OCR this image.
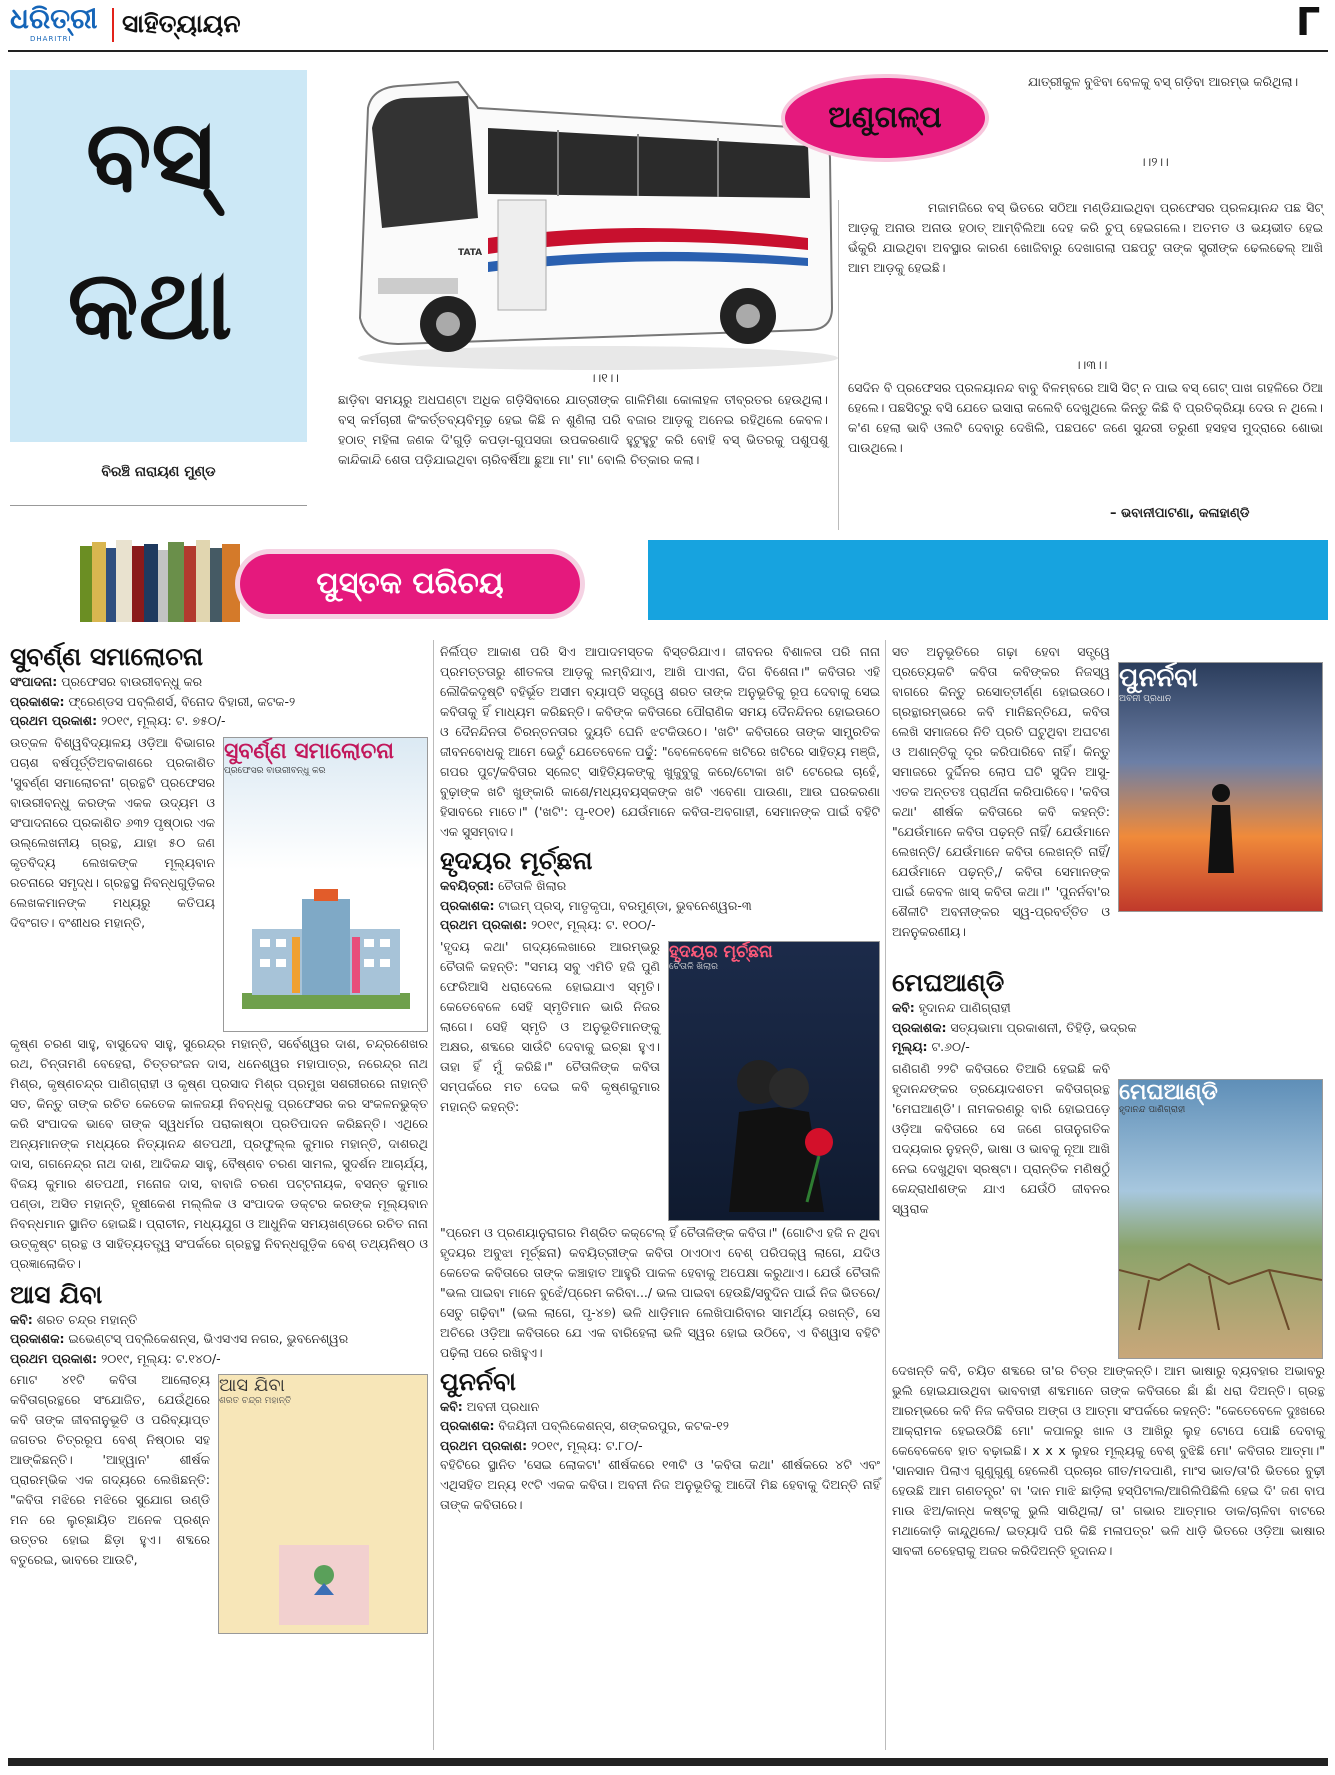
ଧରିତ୍ରୀ
DHARITRI
ସାହିତ୍ୟାୟନ	Г
ବସ୍
କଥା
ବିରଞ୍ଚି ନାରାୟଣ ମୁଣ୍ଡ
TATA
ଅଣୁଗଳ୍ପ

ଯାତ୍ରୀକୁଳ ବୁଝିବା ବେଳକୁ ବସ୍ ଗଡ଼ିବା ଆରମ୍ଭ କରିଥିଲା।

।।୨।।

ମଜାମଜିରେ ବସ୍ ଭିତରେ ସଠିଆ ମଣ୍ଡିଯାଇଥିବା ପ୍ରଫେସର ପ୍ରଳୟାନନ୍ଦ ପଛ ସିଟ୍ ଆଡ଼କୁ ଅନାଉ ଅନାଉ ହଠାତ୍ ଆମ୍ବିଲିଆ ଦେହ କରି ଚୁପ୍ ହେଇଗଲେ। ଅତମତ ଓ ଭୟଭୀତ ହେଇ ଭଁକୁରି ଯାଇଥିବା ଅବସ୍ଥାର କାରଣ ଖୋଜିବାରୁ ଦେଖାଗଲା ପଛପଟୁ ତାଙ୍କ ସ୍ତ୍ରୀଙ୍କ ଢେଲଢେଲ୍ ଆଖି ଆମ ଆଡ଼କୁ ହେଇଛି।

।।୧।।

ଛାଡ଼ିବା ସମୟରୁ ଅଧଘଣ୍ଟା ଅଧିକ ଗଡ଼ିସିବାରେ ଯାତ୍ରୀଙ୍କ ଗାଳିମିଶା କୋଳାହଳ ତୀବ୍ରତର ହେଉଥିଲା। ବସ୍ କର୍ମଚାରୀ କିଂକର୍ତ୍ତବ୍ୟବିମୂଢ଼ ହେଇ କିଛି ନ ଶୁଣିଲା ପରି ବଜାର ଆଡ଼କୁ ଅନେଇ ରହିଥିଲେ କେବଳ। ହଠାତ୍ ମହିଳା ଜଣକ ଦି'ଗୁଡ଼ି କପଡ଼ା-ଗୁପସଜା ଉପକରଣାଦି ହୁଟୁହୁଟୁ କରି ବୋହି ବସ୍ ଭିତରକୁ ପଶୁପଶୁ କାନ୍ଦିକାନ୍ଦି ଶେତା ପଡ଼ିଯାଇଥିବା ଚାରିବର୍ଷିଆ ଛୁଆ ମା' ମା' ବୋଲି ଚିତ୍କାର କଲା।

।।୩।।

ସେଦିନ ବି ପ୍ରଫେସର ପ୍ରଳୟାନନ୍ଦ ବାବୁ ବିଳମ୍ବରେ ଆସି ସିଟ୍ ନ ପାଇ ବସ୍ ଗେଟ୍ ପାଖ ଗହଳିରେ ଠିଆ ହେଲେ। ପଛସିଟ୍‌ରୁ ବସି ଯେତେ ଇସାରା କଲେବି ଦେଖୁଥିଲେ କିନ୍ତୁ କିଛି ବି ପ୍ରତିକ୍ରିୟା ଦେଉ ନ ଥିଲେ। କ'ଣ ହେଲା ଭାବି ଓଲଟି ଦେବାରୁ ଦେଖିଲି, ପଛପଟେ ଜଣେ ସୁନ୍ଦରୀ ତରୁଣୀ ହସହସ ମୁଦ୍ରାରେ ଶୋଭା ପାଉଥିଲେ।

– ଭବାନୀପାଟଣା, କଳାହାଣ୍ଡି
ପୁସ୍ତକ ପରିଚୟ
ସୁବର୍ଣ୍ଣ ସମାଲୋଚନା
ସଂପାଦନା: ପ୍ରଫେସର ବାଉରୀବନ୍ଧୁ କର
ପ୍ରକାଶକ: ଫ୍ରେଣ୍ଡସ ପବ୍ଲିଶର୍ସ, ବିନୋଦ ବିହାରୀ, କଟକ-୨
ପ୍ରଥମ ପ୍ରକାଶ: ୨୦୧୯, ମୂଲ୍ୟ: ଟ. ୭୫୦/-

ଉତ୍କଳ ବିଶ୍ୱବିଦ୍ୟାଳୟ ଓଡ଼ିଆ ବିଭାଗର ପଚାଶ ବର୍ଷପୂର୍ତ୍ତିଅବକାଶରେ ପ୍ରକାଶିତ 'ସୁବର୍ଣ୍ଣ ସମାଲୋଚନା' ଗ୍ରନ୍ଥଟି ପ୍ରଫେସର ବାଉରୀବନ୍ଧୁ କରଙ୍କ ଏକକ ଉଦ୍ୟମ ଓ ସଂପାଦନାରେ ପ୍ରକାଶିତ ୬୩୨ ପୃଷ୍ଠାର ଏକ ଉଲ୍ଲେଖନୀୟ ଗ୍ରନ୍ଥ, ଯାହା ୫୦ ଜଣ କୃତବିଦ୍ୟ ଲେଖକଙ୍କ ମୂଲ୍ୟବାନ ରଚନାରେ ସମୃଦ୍ଧ। ଗ୍ରନ୍ଥସ୍ଥ ନିବନ୍ଧଗୁଡ଼ିକର ଲେଖକମାନଙ୍କ ମଧ୍ୟରୁ କତିପୟ ଦିବଂଗତ। ବଂଶୀଧର ମହାନ୍ତି,

ସୁବର୍ଣ୍ଣ ସମାଲୋଚନା
ପ୍ରଫେସର ବାଉରୀବନ୍ଧୁ କର

କୃଷ୍ଣ ଚରଣ ସାହୁ, ବାସୁଦେବ ସାହୁ, ସୁରେନ୍ଦ୍ର ମହାନ୍ତି, ସର୍ବେଶ୍ୱର ଦାଶ, ଚନ୍ଦ୍ରଶେଖର ରଥ, ଚିନ୍ତାମଣି ବେହେରା, ଚିତ୍ତରଂଜନ ଦାସ, ଧନେଶ୍ୱର ମହାପାତ୍ର, ନରେନ୍ଦ୍ର ନାଥ ମିଶ୍ର, କୃଷ୍ଣଚନ୍ଦ୍ର ପାଣିଗ୍ରାହୀ ଓ କୃଷ୍ଣ ପ୍ରସାଦ ମିଶ୍ର ପ୍ରମୁଖ ସଶରୀରରେ ନାହାନ୍ତି ସତ, କିନ୍ତୁ ତାଙ୍କ ରଚିତ କେତେକ କାଳଜୟୀ ନିବନ୍ଧକୁ ପ୍ରଫେସର କର ସଂକଳନଭୁକ୍ତ କରି ସଂପାଦକ ଭାବେ ତାଙ୍କ ସ୍ୱଧର୍ମର ପରାକାଷ୍ଠା ପ୍ରତିପାଦନ କରିଛନ୍ତି। ଏଥିରେ ଅନ୍ୟମାନଙ୍କ ମଧ୍ୟରେ ନିତ୍ୟାନନ୍ଦ ଶତପଥୀ, ପ୍ରଫୁଲ୍ଲ କୁମାର ମହାନ୍ତି, ଦାଶରଥି ଦାସ, ଗଗନେନ୍ଦ୍ର ନାଥ ଦାଶ, ଆଦିକନ୍ଦ ସାହୁ, ବୈଷ୍ଣବ ଚରଣ ସାମଲ, ସୁଦର୍ଶନ ଆଚାର୍ଯ୍ୟ, ବିଜୟ କୁମାର ଶତପଥୀ, ମନୋଜ ଦାସ, ବାବାଜି ଚରଣ ପଟ୍ଟନାୟକ, ବସନ୍ତ କୁମାର ପଣ୍ଡା, ଅସିତ ମହାନ୍ତି, ହୃଷୀକେଶ ମଲ୍ଲିକ ଓ ସଂପାଦକ ଡକ୍ଟର କରଙ୍କ ମୂଲ୍ୟବାନ ନିବନ୍ଧମାନ ସ୍ଥାନିତ ହୋଇଛି। ପ୍ରାଚୀନ, ମଧ୍ୟଯୁଗ ଓ ଆଧୁନିକ ସମୟଖଣ୍ଡରେ ରଚିତ ନାନା ଉତ୍କୃଷ୍ଟ ଗ୍ରନ୍ଥ ଓ ସାହିତ୍ୟତତ୍ତ୍ୱ ସଂପର୍କରେ ଗ୍ରନ୍ଥସ୍ଥ ନିବନ୍ଧଗୁଡ଼ିକ ବେଶ୍ ତଥ୍ୟନିଷ୍ଠ ଓ ପ୍ରଜ୍ଞାଲୋକିତ।

ଆସ ଯିବା
କବି: ଶରତ ଚନ୍ଦ୍ର ମହାନ୍ତି
ପ୍ରକାଶକ: ଇଭେଣ୍ଟସ୍ ପବ୍ଲିକେଶନ୍ସ, ଭିଏସଏସ ନଗର, ଭୁବନେଶ୍ୱର
ପ୍ରଥମ ପ୍ରକାଶ: ୨୦୧୯, ମୂଲ୍ୟ: ଟ.୧୪୦/-

ମୋଟ ୪୧ଟି କବିତା ଆଲୋଚ୍ୟ କବିତାଗ୍ରନ୍ଥରେ ସଂଯୋଜିତ, ଯେଉଁଥିରେ କବି ତାଙ୍କ ଜୀବନାନୁଭୂତି ଓ ପରିବ୍ୟାପ୍ତ ଜଗତର ଚିତ୍ରରୂପ ବେଶ୍ ନିଷ୍ଠାର ସହ ଆଙ୍କିଛନ୍ତି। 'ଆହ୍ୱାନ' ଶୀର୍ଷକ ପ୍ରାରମ୍ଭିକ ଏକ ଗଦ୍ୟରେ ଲେଖିଛନ୍ତି: "କବିତା ମଝିରେ ମଝିରେ ସୁଯୋଗ ଉଣ୍ଡି ମନ ରେ ଲୁଚ୍ଛାୟିତ ଅନେକ ପ୍ରଶ୍ନ ଉତ୍ତର ହୋଇ ଛିଡ଼ା ହୁଏ। ଶବ୍ଦରେ ବତୁରେଇ, ଭାବରେ ଆଉଟି,

ଆସ ଯିବା
ଶରତ ଚନ୍ଦ୍ର ମହାନ୍ତି

ନିର୍ଲିପ୍ତ ଆକାଶ ପରି ସିଏ ଆପାଦମସ୍ତକ ବିସ୍ତରିଯାଏ। ଜୀବନର ବିଶାଳତା ପରି ନାନା ପ୍ରମତ୍ତତାରୁ ଶୀତଳତା ଆଡ଼କୁ ଲମ୍ବିଯାଏ, ଆଖି ପାଏନା, ଦିଗ ବିଶେନା।" କବିତାର ଏହି ଲୌକିକଦୃଷ୍ଟି ବହିର୍ଭୂତ ଅସୀମ ବ୍ୟାପ୍ତି ସତ୍ତ୍ୱେ ଶରତ ତାଙ୍କ ଅନୁଭୂତିକୁ ରୂପ ଦେବାକୁ ସେଇ କବିତାକୁ ହିଁ ମାଧ୍ୟମ କରିଛନ୍ତି। କବିଙ୍କ କବିତାରେ ପୌରାଣିକ ସମୟ ଦୈନନ୍ଦିନର ହୋଇଉଠେ ଓ ଦୈନନ୍ଦିନତା ଚିରନ୍ତନତାର ଦ୍ୟୁତି ଘେନି ଝଟକିଉଠେ। 'ଖଟି' କବିତାରେ ତାଙ୍କ ସାମ୍ପ୍ରତିକ ଜୀବନବୋଧକୁ ଆମେ ଭେଟୁଁ ଯେତେବେଳେ ପଢ଼ୁଁ: "ବେଳେବେଳେ ଖଟିରେ ଖଟିରେ ସାହିତ୍ୟ ମଞ୍ଜି, ଗପର ପୁଟ୍/କବିତାର ସ୍ଲେଟ୍ ସାହିତ୍ୟିକଙ୍କୁ ଖୁଜୁବୁଜୁ କରେ/ଟୋକା ଖଟି ଟେରେଇ ଚାହେଁ, ବୁଢ଼ାଙ୍କ ଖଟି ଖୁଙ୍କାରି କାଶେ/ମଧ୍ୟବୟସ୍କଙ୍କ ଖଟି ଏବେଣା ପାଉଣା, ଆଉ ଘରକରଣା ହିସାବରେ ମାତେ।" ('ଖଟି': ପୃ-୧୦୧) ଯେଉଁମାନେ କବିତା-ଅବଗାହୀ, ସେମାନଙ୍କ ପାଇଁ ବହିଟି ଏକ ସୁସମ୍ବାଦ।

ହୃଦୟର ମୂର୍ଚ୍ଛନା
କବୟିତ୍ରୀ: ଚୈତାଳି ଖିଲାର
ପ୍ରକାଶକ: ଟାଇମ୍ ପ୍ରସ୍, ମାତୃକୃପା, ବରମୁଣ୍ଡା, ଭୁବନେଶ୍ୱର-୩
ପ୍ରଥମ ପ୍ରକାଶ: ୨୦୧୯, ମୂଲ୍ୟ: ଟ. ୧୦୦/-

'ହୃଦୟ କଥା' ଗଦ୍ୟଲେଖାରେ ଆରମ୍ଭରୁ ଚୈତାଳି କହନ୍ତି: "ସମୟ ସବୁ ଏମିତି ହଜି ପୁଣି ଫେରିଆସି ଧରାଦେଲେ ହୋଇଯାଏ ସ୍ମୃତି। କେତେବେଳେ ସେହି ସ୍ମୃତିମାନ ଭାରି ନିଜର ଲାଗେ। ସେହି ସ୍ମୃତି ଓ ଅନୁଭୂତିମାନଙ୍କୁ ଅକ୍ଷର, ଶବ୍ଦରେ ସାଉଁଟି ଦେବାକୁ ଇଚ୍ଛା ହୁଏ। ତାହା ହିଁ ମୁଁ କରିଛି।" ଚୈତାଳିଙ୍କ କବିତା ସମ୍ପର୍କରେ ମତ ଦେଇ କବି କୃଷ୍ଣକୁମାର ମହାନ୍ତି କହନ୍ତି:

ହୃଦୟର ମୂର୍ଚ୍ଛନା
ଚୈତାଳି ଖିଲାର

"ପ୍ରେମ ଓ ପ୍ରଣୟାନୁରାଗର ମିଶ୍ରିତ କକ୍‌ଟେଲ୍ ହିଁ ଚୈତାଳିଙ୍କ କବିତା।" (ଗୋଟିଏ ହଜି ନ ଥିବା ହୃଦୟର ଅବୁଝା ମୂର୍ଚ୍ଛନା) କବୟିତ୍ରୀଙ୍କ କବିତା ଠାଏଠାଏ ବେଶ୍ ପରିପକ୍ୱ ଲାଗେ, ଯଦିଓ କେତେକ କବିତାରେ ତାଙ୍କ କଞ୍ଚାହାତ ଆହୁରି ପାକଳ ହେବାକୁ ଅପେକ୍ଷା କରୁଥାଏ। ଯେଉଁ ଚୈତାଳି "ଭଲ ପାଇବା ମାନେ ବୁଝେଁ/ପ୍ରେମ କରିବା.../ ଭଲ ପାଇବା ହେଉଛି/ସବୁଦିନ ପାଇଁ ନିଜ ଭିତରେ/ସେତୁ ଗଢ଼ିବା" (ଭଲ ଲାଗେ, ପୃ-୪୭) ଭଳି ଧାଡ଼ିମାନ ଲେଖିପାରିବାର ସାମର୍ଥ୍ୟ ରଖନ୍ତି, ସେ ଅଚିରେ ଓଡ଼ିଆ କବିତାରେ ଯେ ଏକ ବାରିହେଲା ଭଳି ସ୍ୱର ହୋଇ ଉଠିବେ, ଏ ବିଶ୍ୱାସ ବହିଟି ପଢ଼ିଲା ପରେ ରଖିହୁଏ।

ପୁନର୍ନବା
କବି: ଅବନୀ ପ୍ରଧାନ
ପ୍ରକାଶକ: ବିଜୟିନୀ ପବ୍ଲିକେଶନ୍ସ, ଶଙ୍କରପୁର, କଟକ-୧୨
ପ୍ରଥମ ପ୍ରକାଶ: ୨୦୧୯, ମୂଲ୍ୟ: ଟ.୮୦/-

ବହିଟିରେ ସ୍ଥାନିତ 'ସେଇ ଲୋକଟା' ଶୀର୍ଷକରେ ୧୩ଟି ଓ 'କବିତା କଥା' ଶୀର୍ଷକରେ ୪ଟି ଏବଂ ଏଥିସହିତ ଅନ୍ୟ ୧୯ଟି ଏକକ କବିତା। ଅବନୀ ନିଜ ଅନୁଭୂତିକୁ ଆଦୌ ମିଛ ହେବାକୁ ଦିଅନ୍ତି ନାହିଁ ତାଙ୍କ କବିତାରେ।

ସତ ଅନୁଭୂତିରେ ଗଢ଼ା ହେବା ସତ୍ତ୍ୱେ ପ୍ରତ୍ୟେକଟି କବିତା କବିଙ୍କର ନିଜସ୍ୱ ବାଗରେ କିନ୍ତୁ ରସୋତ୍ତୀର୍ଣ୍ଣ ହୋଇଉଠେ। ଗ୍ରନ୍ଥାରମ୍ଭରେ କବି ମାନିଛନ୍ତିଯେ, କବିତା ଲେଖି ସମାଜରେ ନିତି ପ୍ରତି ଘଟୁଥିବା ଅଘଟଣ ଓ ଅଶାନ୍ତିକୁ ଦୂର କରିପାରିବେ ନାହିଁ। କିନ୍ତୁ ସମାଜରେ ଦୁର୍ଦ୍ଦିନର ଲୋପ ଘଟି ସୁଦିନ ଆସୁ- ଏତକ ଅନ୍ତତଃ ପ୍ରାର୍ଥନା କରିପାରିବେ। 'କବିତା କଥା' ଶୀର୍ଷକ କବିତାରେ କବି କହନ୍ତି: "ଯେଉଁମାନେ କବିତା ପଢ଼ନ୍ତି ନାହିଁ/ ଯେଉଁମାନେ ଲେଖନ୍ତି/ ଯେଉଁମାନେ କବିତା ଲେଖନ୍ତି ନାହିଁ/ ଯେଉଁମାନେ ପଢ଼ନ୍ତି,/ କବିତା ସେମାନଙ୍କ ପାଇଁ କେବଳ ଖାସ୍ କବିତା କଥା।" 'ପୁନର୍ନବା'ର ଶୈଳୀଟି ଅବନୀଙ୍କର ସ୍ୱ-ପ୍ରବର୍ତ୍ତିତ ଓ ଅନନୁକରଣୀୟ।

ପୁନର୍ନବା
ଅବନୀ ପ୍ରଧାନ
ମେଘଆଣ୍ଡି
କବି: ହୃଦାନନ୍ଦ ପାଣିଗ୍ରାହୀ
ପ୍ରକାଶକ: ସତ୍ୟଭାମା ପ୍ରକାଶନୀ, ତିହିଡ଼ି, ଭଦ୍ରକ
ମୂଲ୍ୟ: ଟ.୬୦/-

ଗଣିଗଣି ୨୨ଟି କବିତାରେ ତିଆରି ହେଇଛି କବି ହୃଦାନନ୍ଦଙ୍କର ତ୍ରୟୋଦଶତମ କବିତାଗ୍ରନ୍ଥ 'ମେଘଆଣ୍ଡି'। ନାମକରଣରୁ ବାରି ହୋଇପଡ଼େ ଓଡ଼ିଆ କବିତାରେ ସେ ଜଣେ ଗତାନୁଗତିକ ପଦ୍ୟକାର ନୁହନ୍ତି, ଭାଷା ଓ ଭାବକୁ ନୂଆ ଆଖି ନେଇ ଦେଖୁଥିବା ସ୍ରଷ୍ଟା। ପ୍ରାନ୍ତିକ ମଣିଷଠୁଁ କେନ୍ଦ୍ରାଧୀଶଙ୍କ ଯାଏ ଯେଉଁଠି ଜୀବନର ସ୍ୱରାକ

ମେଘଆଣ୍ଡି
ହୃଦାନନ୍ଦ ପାଣିଗ୍ରାହୀ

ଦେଖନ୍ତି କବି, ଚୟିତ ଶବ୍ଦରେ ତା'ର ଚିତ୍ର ଆଙ୍କନ୍ତି। ଆମ ଭାଷାରୁ ବ୍ୟବହାର ଅଭାବରୁ ଭୁଲି ହୋଇଯାଉଥିବା ଭାବବାହୀ ଶବ୍ଦମାନେ ତାଙ୍କ କବିତାରେ ଛାଁ ଛାଁ ଧରା ଦିଅନ୍ତି। ଗ୍ରନ୍ଥ ଆରମ୍ଭରେ କବି ନିଜ କବିତାର ଅଙ୍ଗ ଓ ଆତ୍ମା ସଂପର୍କରେ କହନ୍ତି: "କେତେବେଳେ ଦୁଃଖରେ ଆକ୍ରାମକ ହେଇଉଠିଛି ମୋ' କପାଳରୁ ଖାଳ ଓ ଆଖିରୁ ଲୁହ ଟୋପେ ପୋଛି ଦେବାକୁ କେବେକେବେ ହାତ ବଢ଼ାଇଛି। x x x ଲୁହର ମୂଲ୍ୟକୁ ବେଶ୍ ବୁଝିଛି ମୋ' କବିତାର ଆତ୍ମା।" 'ସାନସାନ ପିଲାଏ ଗୁଣୁଗୁଣୁ ହେଲେଣି ପ୍ରଚାର ଗୀତ/ମଦପାଣି, ମାଂସ ଭାତ/ତା'ରି ଭିତରେ ବୁଢ଼ୀ ହେଉଛି ଆମ ଗଣତନ୍ତ୍ର' ବା 'ଦାନ ମାଝି ଛାଡ଼ିଲା ହସ୍‌ପିଟାଲ/ଆଗିଲିପିଛିଲି ହେଇ ଦି' ଜଣ ବାପ ମାଉ ଝିଅ/କାନ୍ଧ କଷ୍ଟକୁ ଭୁଲି ସାରିଥିଲା/ ତା' ଗଭାର ଆତ୍ମାର ଡାକ/ଚାଳିବା ବାଟରେ ମଥାକୋଡ଼ି କାନ୍ଦୁଥିଲେ/ ଇତ୍ୟାଦି ପରି କିଛି ମଳାପତ୍ର' ଭଳି ଧାଡ଼ି ଭିତରେ ଓଡ଼ିଆ ଭାଷାର ସାବକୀ ଚେହେରାକୁ ଅଜର କରିଦିଅନ୍ତି ହୃଦାନନ୍ଦ।
